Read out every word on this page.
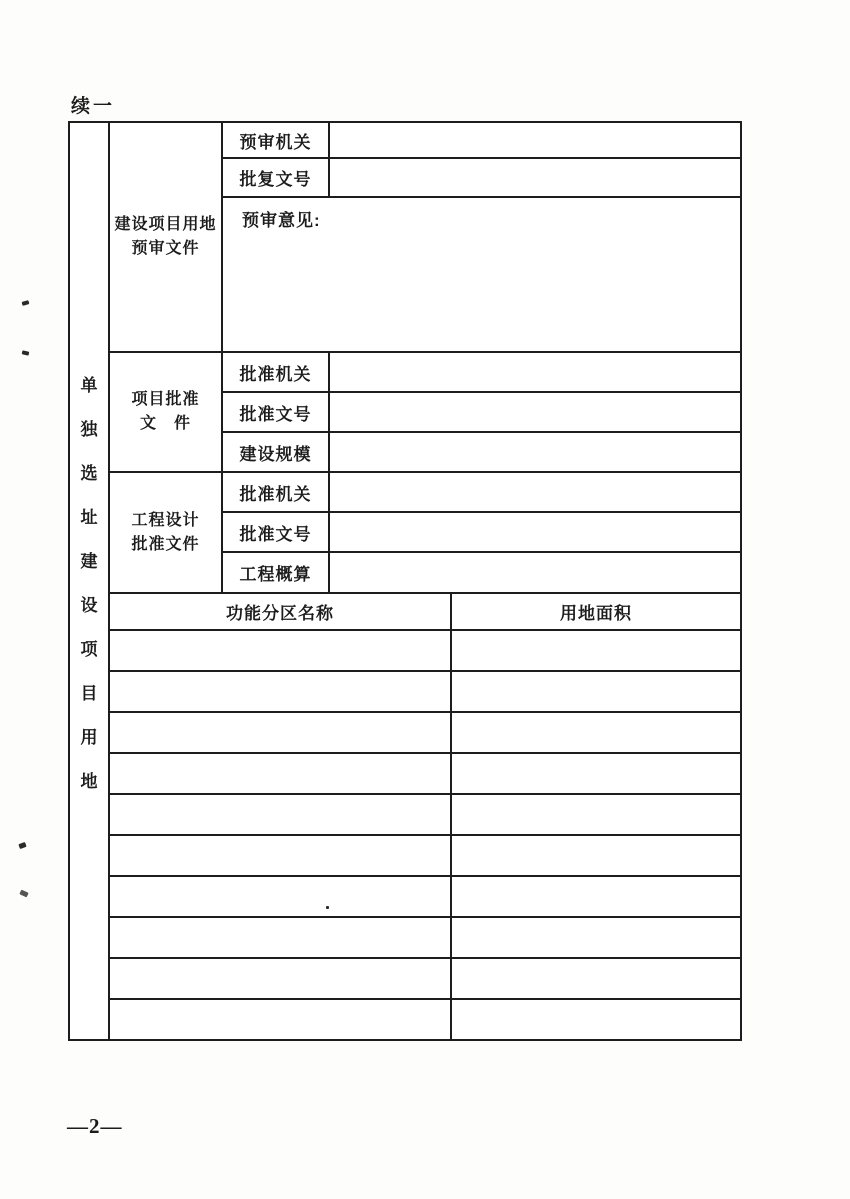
续一
单
独
选
址
建
设
项
目
用
地
建设项目用地
预审文件
预审机关
批复文号
预审意见:
项目批准
文　件
批准机关
批准文号
建设规模
工程设计
批准文件
批准机关
批准文号
工程概算
功能分区名称	用地面积
—2—
